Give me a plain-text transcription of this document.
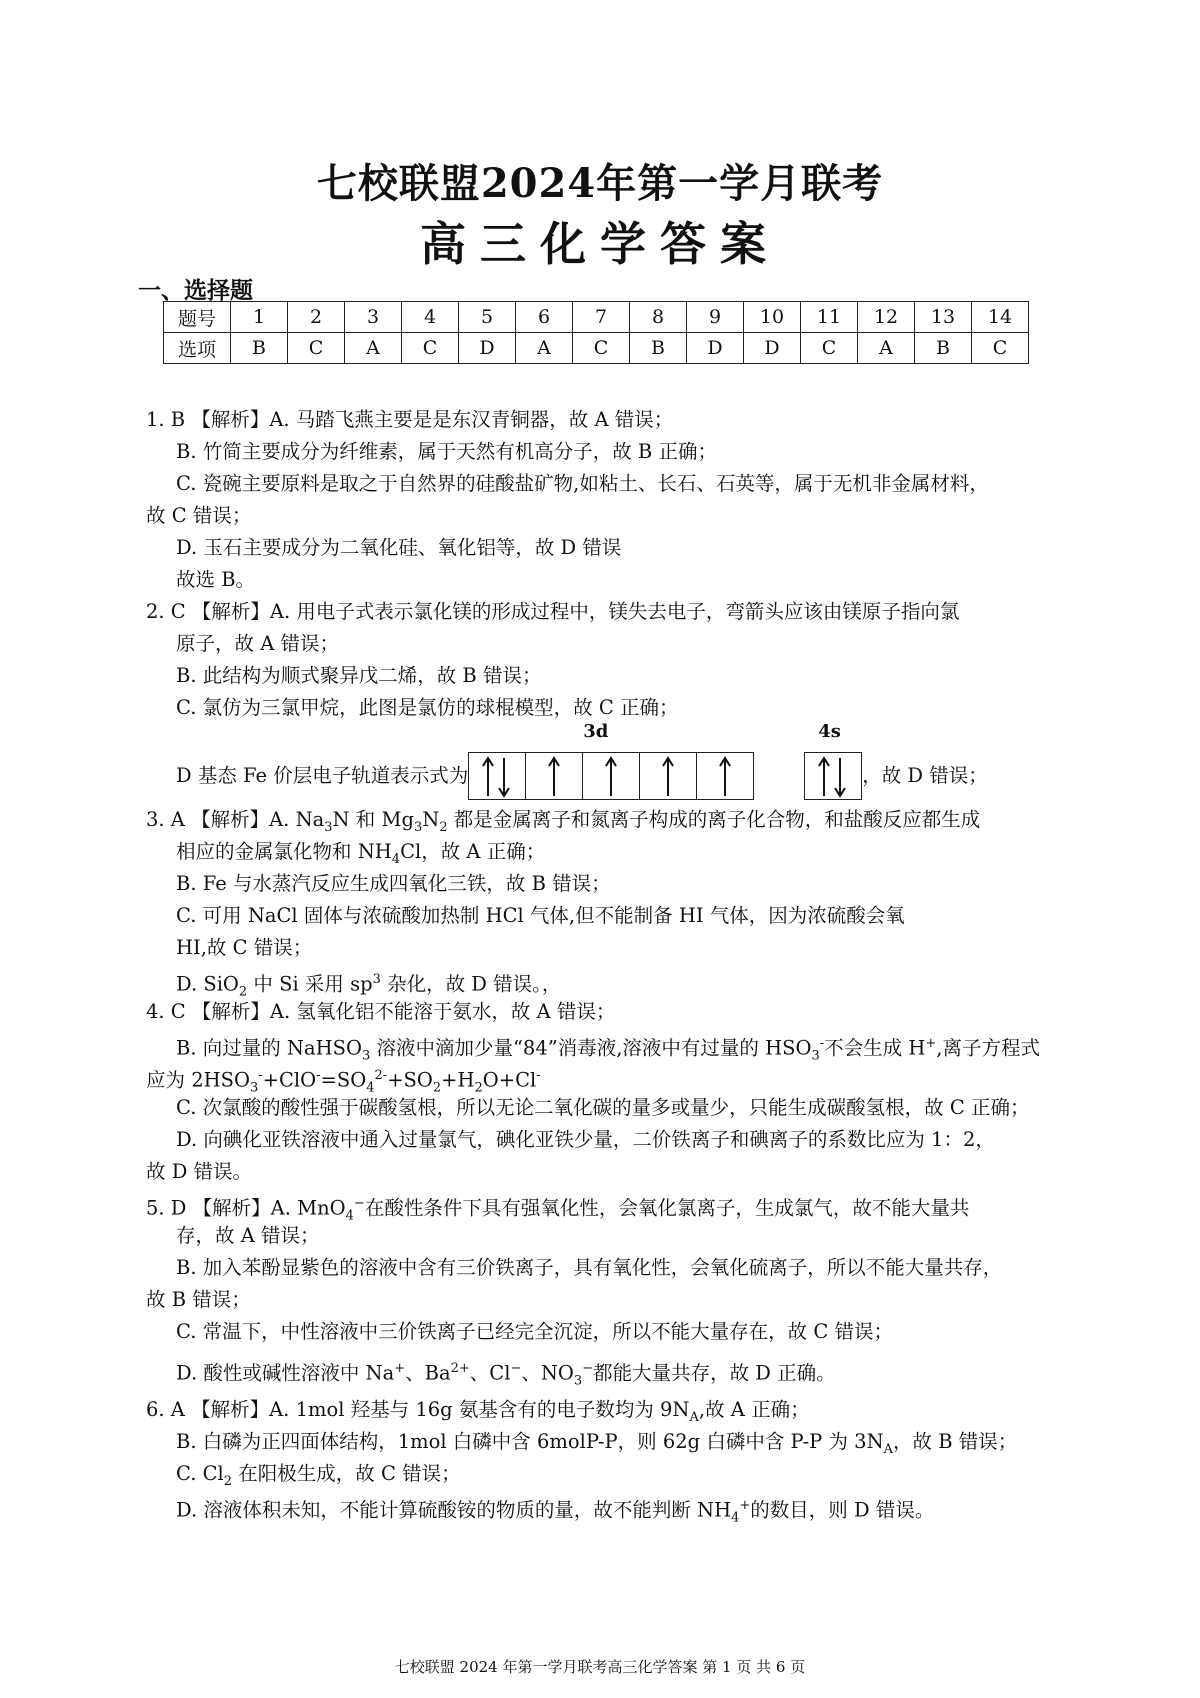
七校联盟2024年第一学月联考
高三化学答案
一、选择题
题号	1	2	3	4	5	6	7	8	9	10	11	12	13	14
选项	B	C	A	C	D	A	C	B	D	D	C	A	B	C
1. B 【解析】A. 马踏飞燕主要是是东汉青铜器，故 A 错误；
B. 竹简主要成分为纤维素，属于天然有机高分子，故 B 正确；
C. 瓷碗主要原料是取之于自然界的硅酸盐矿物,如粘土、长石、石英等，属于无机非金属材料，
故 C 错误；
D. 玉石主要成分为二氧化硅、氧化铝等，故 D 错误
故选 B。
2. C 【解析】A. 用电子式表示氯化镁的形成过程中，镁失去电子，弯箭头应该由镁原子指向氯
原子，故 A 错误；
B. 此结构为顺式聚异戊二烯，故 B 错误；
C. 氯仿为三氯甲烷，此图是氯仿的球棍模型，故 C 正确；
D 基态 Fe 价层电子轨道表示式为
3d	4s
，故 D 错误；
3. A 【解析】A. $Na_3N$ 和 $Mg_3N_2$ 都是金属离子和氮离子构成的离子化合物，和盐酸反应都生成
相应的金属氯化物和 $NH_4Cl$，故 A 正确；
B. Fe 与水蒸汽反应生成四氧化三铁，故 B 错误；
C. 可用 NaCl 固体与浓硫酸加热制 HCl 气体,但不能制备 HI 气体，因为浓硫酸会氧
HI,故 C 错误；
D. SiO$_2$ 中 Si 采用 $sp^3$ 杂化，故 D 错误。，
4. C 【解析】A. 氢氧化铝不能溶于氨水，故 A 错误；
B. 向过量的 NaHSO$_3$ 溶液中滴加少量“84”消毒液,溶液中有过量的 $HSO_3^-$不会生成 H+,离子方程式
应为 $2HSO_3^-+ClO^-=SO_4^{2-}+SO_2+H_2O+Cl^-$
C. 次氯酸的酸性强于碳酸氢根，所以无论二氧化碳的量多或量少，只能生成碳酸氢根，故 C 正确；
D. 向碘化亚铁溶液中通入过量氯气，碘化亚铁少量，二价铁离子和碘离子的系数比应为 1：2，
故 D 错误。
5. D 【解析】A. MnO$_4$−在酸性条件下具有强氧化性，会氧化氯离子，生成氯气，故不能大量共
存，故 A 错误；
B. 加入苯酚显紫色的溶液中含有三价铁离子，具有氧化性，会氧化硫离子，所以不能大量共存，
故 B 错误；
C. 常温下，中性溶液中三价铁离子已经完全沉淀，所以不能大量存在，故 C 错误；
D. 酸性或碱性溶液中 Na+、$Ba^{2+}$、Cl−、$NO_3^-$都能大量共存，故 D 正确。
6. A 【解析】A. 1mol 羟基与 16g 氨基含有的电子数均为 $9N_A$,故 A 正确；
B. 白磷为正四面体结构，1mol 白磷中含 6molP-P，则 62g 白磷中含 P-P 为 $3N_A$，故 B 错误；
C. $Cl_2$ 在阳极生成，故 C 错误；
D. 溶液体积未知，不能计算硫酸铵的物质的量，故不能判断 $NH_4^+$的数目，则 D 错误。
七校联盟 2024 年第一学月联考高三化学答案 第 1 页 共 6 页
